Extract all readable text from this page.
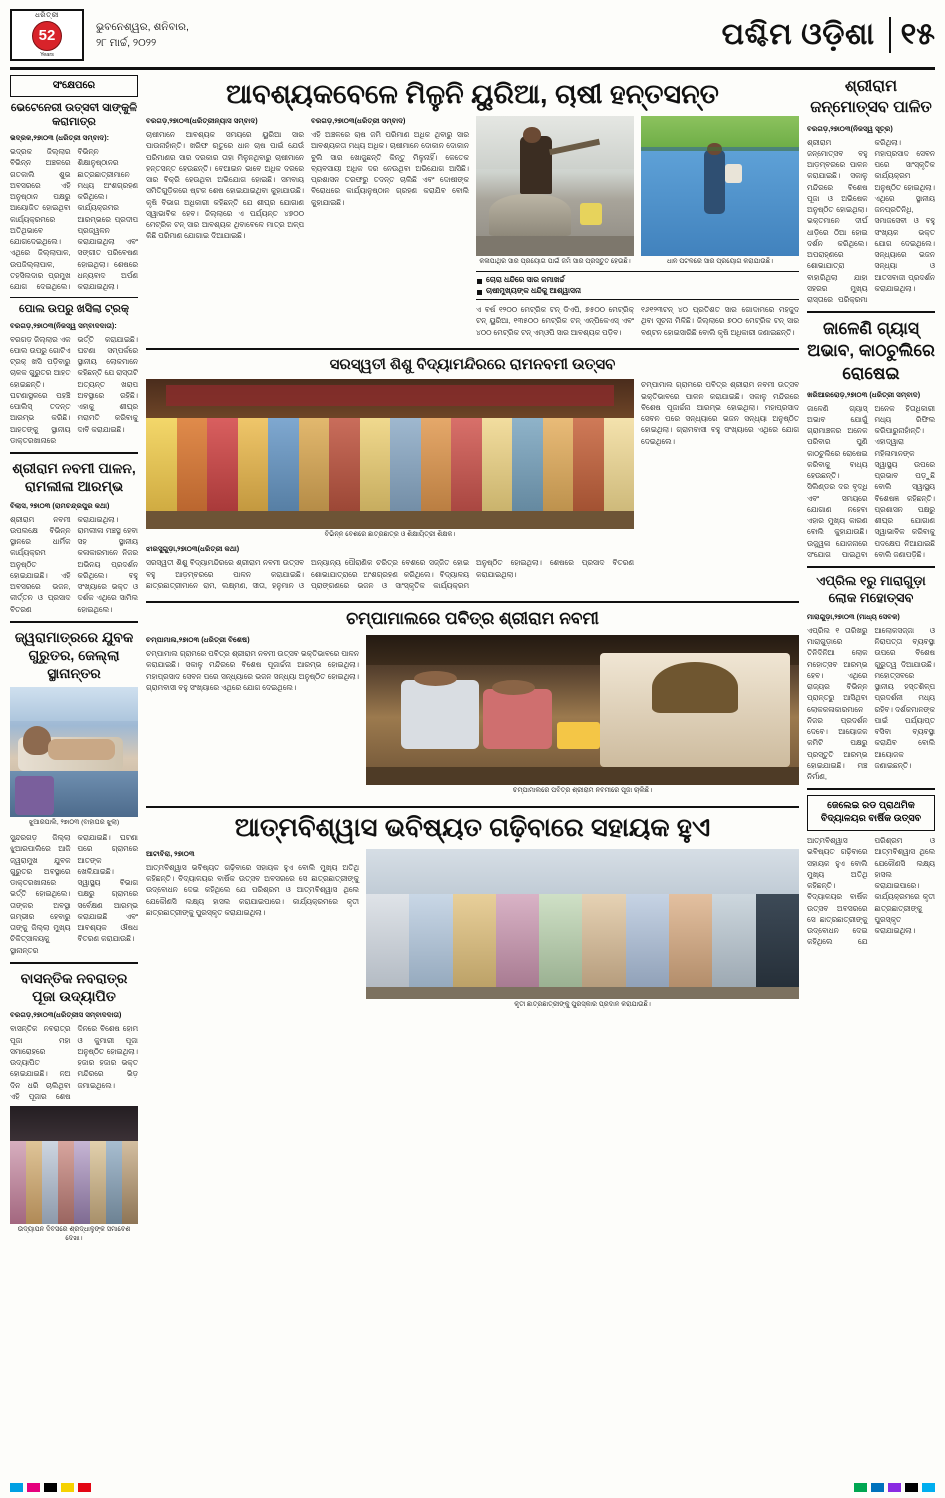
ଧରିତ୍ରୀ
52
Years
ଭୁବନେଶ୍ୱର, ଶନିବାର,
୨୮ ମାର୍ଚ୍ଚ, ୨୦୨୨	ପଶ୍ଚିମ ଓଡ଼ିଶା ୧୫
ସଂକ୍ଷେପରେ
ଭେଟେନେରୀ ଉତ୍ସବୀ ସାଙ୍କୁଳି କରାମାତ୍ର
ଭଦ୍ରକ,୨୭ା୦୩ (ଧରିତ୍ରୀ ସମ୍ବାଦ):
ଭଦ୍ରକ ଜିଲ୍ଲାର ବିଭିନ୍ନ ଅଞ୍ଚଳରେ ଗତକାଲି ଶୁଭ ଅବସରରେ ଏହି ଅନୁଷ୍ଠାନ ପକ୍ଷରୁ ଆୟୋଜିତ ହୋଇଥିବା କାର୍ଯ୍ୟକ୍ରମରେ ଅତିଥିଭାବେ ଯୋଗଦେଇଥିଲେ। ଏଥିରେ ଜିଲ୍ଲାପାଳ, ଉପଜିଲ୍ଲାପାଳ, ତହସିଲଦାର ପ୍ରମୁଖ ଯୋଗ ଦେଇଥିଲେ। ବିଭିନ୍ନ ଶିକ୍ଷାନୁଷ୍ଠାନର ଛାତ୍ରଛାତ୍ରୀମାନେ ମଧ୍ୟ ଅଂଶଗ୍ରହଣ କରିଥିଲେ। କାର୍ଯ୍ୟକ୍ରମର ଆରମ୍ଭରେ ପ୍ରଦୀପ ପ୍ରଜ୍ୱଳନ କରାଯାଇଥିଲା ଏବଂ ସଙ୍ଗୀତ ପରିବେଷଣ ହୋଇଥିଲା। ଶେଷରେ ଧନ୍ୟବାଦ ଅର୍ପଣ କରାଯାଇଥିଲା।
ପୋଲ ଉପରୁ ଖସିଲା ଟ୍ରକ୍
ବରଗଡ଼,୨୭ା୦୩(ନିଜସ୍ୱ ସମ୍ବାଦଦାତା):
ବରଗଡ଼ ଜିଲ୍ଲାର ଏକ ପୋଲ ଉପରୁ ଗୋଟିଏ ଟ୍ରକ୍ ଖସି ପଡ଼ିବାରୁ ଚାଳକ ଗୁରୁତର ଆହତ ହୋଇଛନ୍ତି। ଘଟଣାସ୍ଥଳରେ ପହଞ୍ଚି ପୋଲିସ୍ ତଦନ୍ତ ଆରମ୍ଭ କରିଛି। ଆହତଙ୍କୁ ସ୍ଥାନୀୟ ଡାକ୍ତରଖାନାରେ ଭର୍ତ୍ତି କରାଯାଇଛି। ଘଟଣା ସମ୍ପର୍କରେ ସ୍ଥାନୀୟ ଲୋକମାନେ କହିଛନ୍ତି ଯେ ରାସ୍ତାଟି ଅତ୍ୟନ୍ତ ଖରାପ ଅବସ୍ଥାରେ ରହିଛି। ଏହାକୁ ଶୀଘ୍ର ମରାମତି କରିବାକୁ ଦାବି କରାଯାଇଛି।
ଶ୍ରୀରାମ ନବମୀ ପାଳନ, ରାମଲୀଳା ଆରମ୍ଭ
ବିଲାସ, ୨୭ା୦୩ (ରାମଚନ୍ଦ୍ରପୁର କଥା)
ଶ୍ରୀରାମ ନବମୀ ଉପଲକ୍ଷେ ବିଭିନ୍ନ ସ୍ଥାନରେ ଧାର୍ମିକ କାର୍ଯ୍ୟକ୍ରମ ଅନୁଷ୍ଠିତ ହୋଇଯାଇଛି। ଏହି ଅବସରରେ ଭଜନ, କୀର୍ତ୍ତନ ଓ ପ୍ରସାଦ ବିତରଣ କରାଯାଇଥିଲା। ରାମଲୀଳା ମଞ୍ଚସ୍ଥ ହେବା ସହ ସ୍ଥାନୀୟ କଳାକାରମାନେ ନିଜର ଅଭିନୟ ପ୍ରଦର୍ଶନ କରିଥିଲେ। ବହୁ ସଂଖ୍ୟାରେ ଭକ୍ତ ଓ ଦର୍ଶକ ଏଥିରେ ସାମିଲ ହୋଇଥିଲେ।
ଜ୍ୱରାମାତ୍ରରେ ଯୁବକ ଗୁରୁତର, ଜେଲ୍ଲା ସ୍ଥାନାନ୍ତର
ଝୁଆରପାଲି, ୨୭ା୦୩ (ବାହାଘର ଝୁଲା)
ସୁନ୍ଦରଗଡ଼ ଜିଲ୍ଲା ଝୁଆରପାଲିରେ ଆଜି ଜ୍ୱରାମୁଖ ଯୁବକ ଗୁରୁତର ଅବସ୍ଥାରେ ଡାକ୍ତରଖାନାରେ ଭର୍ତ୍ତି ହୋଇଥିଲେ। ତାଙ୍କର ଅବସ୍ଥା ଗମ୍ଭୀର ହେବାରୁ ତାଙ୍କୁ ଜିଲ୍ଲା ମୁଖ୍ୟ ଚିକିତ୍ସାଳୟକୁ ସ୍ଥାନାନ୍ତର କରାଯାଇଛି। ଘଟଣା ପରେ ଗ୍ରାମରେ ଆତଙ୍କ ଖେଳିଯାଇଛି। ସ୍ୱାସ୍ଥ୍ୟ ବିଭାଗ ପକ୍ଷରୁ ଗ୍ରାମରେ ସର୍ବେକ୍ଷଣ ଆରମ୍ଭ କରାଯାଇଛି ଏବଂ ଆବଶ୍ୟକ ଔଷଧ ବିତରଣ କରାଯାଉଛି।
ବାସନ୍ତିକ ନବରାତ୍ର ପୂଜା ଉଦ୍ୟାପିତ
ବରଗଡ଼,୨୭ା୦୩(ଧରିତ୍ରୀସ ସମ୍ବାଦଦାତା)
ବାସନ୍ତିକ ନବରାତ୍ର ପୂଜା ମହା ସମାରୋହରେ ଉଦ୍ୟାପିତ ହୋଇଯାଇଛି। ନଅ ଦିନ ଧରି ଚାଲିଥିବା ଏହି ପୂଜାର ଶେଷ ଦିନରେ ବିଶେଷ ହୋମ ଓ କୁମାରୀ ପୂଜା ଅନୁଷ୍ଠିତ ହୋଇଥିଲା। ହଜାର ହଜାର ଭକ୍ତ ମନ୍ଦିରରେ ଭିଡ଼ ଜମାଇଥିଲେ।
ଉଦ୍ୟାପନ ଦିବସରେ ଶ୍ରଦ୍ଧାଳୁଙ୍କ ସମାବେଶ ଦେଖା।
ଆବଶ୍ୟକବେଳେ ମିଳୁନି ୟୁରିଆ, ଚାଷୀ ହନ୍ତସନ୍ତ
ବରଗଡ଼,୨୭ା୦୩(ଧରିତ୍ରୀନ୍ୟାସ ସମ୍ବାଦ)
ଚାଷୀମାନେ ଆବଶ୍ୟକ ସମୟରେ ୟୁରିଆ ସାର ପାଉନାହାଁନ୍ତି। ଖରିଫ ଋତୁରେ ଧାନ ଚାଷ ପାଇଁ ଯେଉଁ ପରିମାଣର ସାର ଦରକାର ତାହା ମିଳୁନଥିବାରୁ ଚାଷୀମାନେ ହନ୍ତସନ୍ତ ହେଉଛନ୍ତି। ବେଆଇନ ଭାବେ ଅଧିକ ଦରରେ ସାର ବିକ୍ରି ହେଉଥିବା ଅଭିଯୋଗ ହୋଇଛି। ସମବାୟ ସମିତିଗୁଡ଼ିକରେ ଷ୍ଟକ ଶେଷ ହୋଇଯାଇଥିବା କୁହାଯାଉଛି। କୃଷି ବିଭାଗ ଅଧିକାରୀ କହିଛନ୍ତି ଯେ ଶୀଘ୍ର ଯୋଗାଣ ସ୍ୱାଭାବିକ ହେବ। ଜିଲ୍ଲାରେ ଏ ପର୍ଯ୍ୟନ୍ତ ୪୭୦୦ ମେଟ୍ରିକ ଟନ୍ ସାର ଆବଶ୍ୟକ ଥିବାବେଳେ ମାତ୍ର ଅଳ୍ପ କିଛି ପରିମାଣ ଯୋଗାଇ ଦିଆଯାଇଛି।
ବରଗଡ଼,୨୭ା୦୩(ଧରିତ୍ରୀ ସମ୍ବାଦ)
ଏହି ଅଞ୍ଚଳରେ ଚାଷ ଜମି ପରିମାଣ ଅଧିକ ଥିବାରୁ ସାର ଆବଶ୍ୟକତା ମଧ୍ୟ ଅଧିକ। ଚାଷୀମାନେ ଦୋକାନ ଦୋକାନ ବୁଲି ସାର ଖୋଜୁଛନ୍ତି କିନ୍ତୁ ମିଳୁନାହିଁ। କେତେକ ବ୍ୟବସାୟୀ ଅଧିକ ଦର ନେଉଥିବା ଅଭିଯୋଗ ଆସିଛି। ପ୍ରଶାସନ ତରଫରୁ ତଦନ୍ତ ଚାଲିଛି ଏବଂ ଦୋଷୀଙ୍କ ବିରୋଧରେ କାର୍ଯ୍ୟାନୁଷ୍ଠାନ ଗ୍ରହଣ କରାଯିବ ବୋଲି କୁହାଯାଇଛି।
କଳାପାଥିର ସାର ପ୍ରୟୋଗ ପାଇଁ ଜମି ସାର ପ୍ରସ୍ତୁତ ହେଉଛି।	ଧାନ ପଟଳରେ ସାର ପ୍ରୟୋଗ କରାଯାଉଛି।
ଚୋରା ଧନ୍ଦିରେ ସାର ଜମାଖର୍ଚ୍ଚ
ଚାଷୀମୁଖ୍ୟଙ୍କ ଧନ୍ଦିକୁ ଆଶ୍ୱାସନା
ଏ ବର୍ଷ ୧୨୦୦ ମେଟ୍ରିକ ଟନ୍ ଡିଏପି, ୭୫୦୦ ମେଟ୍ରିକ୍ ଟନ୍ ୟୁରିଆ, ୧୩୫୦୦ ମେଟ୍ରିକ ଟନ୍ ଏନ୍‌ପିକେଏସ୍ ଏବଂ ୪୦୦ ମେଟ୍ରିକ ଟନ୍ ଏମ୍‌ଓପି ସାର ଆବଶ୍ୟକ ପଡ଼ିବ।
୧୬୧୨୩ଟନ୍ ୪୦ ପ୍ରତିଶତ ସାର ଗୋଦାମରେ ମହଜୁଦ ଥିବା ସୂଚନା ମିଳିଛି। ଜିଲ୍ଲାରେ ୭୦୦ ମେଟ୍ରିକ ଟନ୍ ସାର ବଣ୍ଟନ ହୋଇସାରିଛି ବୋଲି କୃଷି ଅଧିକାରୀ ଜଣାଇଛନ୍ତି।
ସରସ୍ୱତୀ ଶିଶୁ ବିଦ୍ୟାମନ୍ଦିରରେ ରାମନବମୀ ଉତ୍ସବ
ବିଭିନ୍ନ ବେଶରେ ଛାତ୍ରଛାତ୍ର ଓ ଶିକ୍ଷାୟିତ୍ରୀ ଶିକ୍ଷକ।
ଝାରସୁଗୁଡ଼ା,୨୭ା୦୩(ଧରିତ୍ରୀ କଥା)
ସରସ୍ୱତୀ ଶିଶୁ ବିଦ୍ୟାମନ୍ଦିରରେ ଶ୍ରୀରାମ ନବମୀ ଉତ୍ସବ ବହୁ ଆଡ଼ମ୍ବରରେ ପାଳନ କରାଯାଇଛି। ଛାତ୍ରଛାତ୍ରୀମାନେ ରାମ, ଲକ୍ଷ୍ମଣ, ସୀତା, ହନୁମାନ ଓ ଅନ୍ୟାନ୍ୟ ପୌରାଣିକ ଚରିତ୍ର ବେଶରେ ସଜ୍ଜିତ ହୋଇ ଶୋଭାଯାତ୍ରାରେ ଅଂଶଗ୍ରହଣ କରିଥିଲେ। ବିଦ୍ୟାଳୟ ପ୍ରାଙ୍ଗଣରେ ଭଜନ ଓ ସାଂସ୍କୃତିକ କାର୍ଯ୍ୟକ୍ରମ ଅନୁଷ୍ଠିତ ହୋଇଥିଲା। ଶେଷରେ ପ୍ରସାଦ ବିତରଣ କରାଯାଇଥିଲା।
ଚମ୍ପାମାଲ ଗ୍ରାମରେ ପବିତ୍ର ଶ୍ରୀରାମ ନବମୀ ଉତ୍ସବ ଭକ୍ତିଭାବରେ ପାଳନ କରାଯାଇଛି। ସକାଳୁ ମନ୍ଦିରରେ ବିଶେଷ ପୂଜାର୍ଚ୍ଚନା ଆରମ୍ଭ ହୋଇଥିଲା। ମହାପ୍ରସାଦ ସେବନ ପରେ ସନ୍ଧ୍ୟାରେ ଭଜନ ସନ୍ଧ୍ୟା ଅନୁଷ୍ଠିତ ହୋଇଥିଲା। ଗ୍ରାମବାସୀ ବହୁ ସଂଖ୍ୟାରେ ଏଥିରେ ଯୋଗ ଦେଇଥିଲେ।
ଚମ୍ପାମାଲରେ ପବିତ୍ର ଶ୍ରୀରାମ ନବମୀ
ଚମ୍ପାମାଲ,୨୭ା୦୩ (ଧରିତ୍ରୀ ବିଶେଷ)
ଚମ୍ପାମାଲ ଗ୍ରାମରେ ପବିତ୍ର ଶ୍ରୀରାମ ନବମୀ ଉତ୍ସବ ଭକ୍ତିଭାବରେ ପାଳନ କରାଯାଇଛି। ସକାଳୁ ମନ୍ଦିରରେ ବିଶେଷ ପୂଜାର୍ଚ୍ଚନା ଆରମ୍ଭ ହୋଇଥିଲା। ମହାପ୍ରସାଦ ସେବନ ପରେ ସନ୍ଧ୍ୟାରେ ଭଜନ ସନ୍ଧ୍ୟା ଅନୁଷ୍ଠିତ ହୋଇଥିଲା। ଗ୍ରାମବାସୀ ବହୁ ସଂଖ୍ୟାରେ ଏଥିରେ ଯୋଗ ଦେଇଥିଲେ।
ଚମ୍ପାମାଲରେ ପବିତ୍ର ଶ୍ରୀରାମ ନବମୀରେ ପୂଜା ଚାଲିଛି।
ଆତ୍ମବିଶ୍ୱାସ ଭବିଷ୍ୟତ ଗଢ଼ିବାରେ ସହାୟକ ହୁଏ
ଆଟାବିରା, ୨୭ା୦୩
ଆତ୍ମବିଶ୍ୱାସ ଭବିଷ୍ୟତ ଗଢ଼ିବାରେ ସହାୟକ ହୁଏ ବୋଲି ମୁଖ୍ୟ ଅତିଥି କହିଛନ୍ତି। ବିଦ୍ୟାଳୟର ବାର୍ଷିକ ଉତ୍ସବ ଅବସରରେ ସେ ଛାତ୍ରଛାତ୍ରୀଙ୍କୁ ଉଦ୍ବୋଧନ ଦେଇ କହିଥିଲେ ଯେ ପରିଶ୍ରମ ଓ ଆତ୍ମବିଶ୍ୱାସ ଥିଲେ ଯେକୌଣସି ଲକ୍ଷ୍ୟ ହାସଲ କରାଯାଇପାରେ। କାର୍ଯ୍ୟକ୍ରମରେ କୃତୀ ଛାତ୍ରଛାତ୍ରୀଙ୍କୁ ପୁରସ୍କୃତ କରାଯାଇଥିଲା।
କୃତୀ ଛାତ୍ରଛାତ୍ରୀଙ୍କୁ ପୁରସ୍କାର ପ୍ରଦାନ କରାଯାଉଛି।
ଶ୍ରୀରାମ ଜନ୍ମୋତ୍ସବ ପାଳିତ
ବରଗଡ଼,୨୭ା୦୩(ନିଜସ୍ୱ ସୂତ୍ର)
ଶ୍ରୀରାମ ଜନ୍ମୋତ୍ସବ ବହୁ ଆଡ଼ମ୍ବରରେ ପାଳନ କରାଯାଇଛି। ସକାଳୁ ମନ୍ଦିରରେ ବିଶେଷ ପୂଜା ଓ ଅଭିଷେକ ଅନୁଷ୍ଠିତ ହୋଇଥିଲା। ଭକ୍ତମାନେ ଦୀର୍ଘ ଧାଡ଼ିରେ ଠିଆ ହୋଇ ଦର୍ଶନ କରିଥିଲେ। ଅପରାହ୍ଣରେ ଶୋଭାଯାତ୍ରା ବାହାରିଥିଲା ଯାହା ସହରର ମୁଖ୍ୟ ରାସ୍ତାରେ ପରିକ୍ରମା କରିଥିଲା। ମହାପ୍ରସାଦ ସେବନ ପରେ ସାଂସ୍କୃତିକ କାର୍ଯ୍ୟକ୍ରମ ଅନୁଷ୍ଠିତ ହୋଇଥିଲା। ଏଥିରେ ସ୍ଥାନୀୟ ଜନପ୍ରତିନିଧି, ସମାଜସେବୀ ଓ ବହୁ ସଂଖ୍ୟକ ଭକ୍ତ ଯୋଗ ଦେଇଥିଲେ। ସନ୍ଧ୍ୟାରେ ଭଜନ ସନ୍ଧ୍ୟା ଓ ଆତସବାଜୀ ପ୍ରଦର୍ଶନ କରାଯାଇଥିଲା।
ଜାଳେଣି ଗ୍ୟାସ୍ ଅଭାବ, କାଠଚୁଲିରେ ରୋଷେଇ
ଖରିଆରରୋଡ଼,୨୭ା୦୩ (ଧରିତ୍ରୀ ସମ୍ବାଦ)
ଜାଳେଣି ଗ୍ୟାସ୍ ଅଭାବ ଯୋଗୁଁ ଗ୍ରାମାଞ୍ଚଳର ଅନେକ ପରିବାର ପୁଣି କାଠଚୁଲିରେ ରୋଷେଇ କରିବାକୁ ବାଧ୍ୟ ହେଉଛନ୍ତି। ସିଲିଣ୍ଡର ଦର ବୃଦ୍ଧି ଏବଂ ସମୟରେ ଯୋଗାଣ ନହେବା ଏହାର ମୁଖ୍ୟ କାରଣ ବୋଲି କୁହାଯାଉଛି। ଉଜ୍ଜ୍ୱଳା ଯୋଜନାରେ ସଂଯୋଗ ପାଇଥିବା ଅନେକ ହିତାଧିକାରୀ ମଧ୍ୟ ରିଫିଲ କରିପାରୁନାହାଁନ୍ତି। ଏହାଦ୍ୱାରା ମହିଳାମାନଙ୍କ ସ୍ୱାସ୍ଥ୍ୟ ଉପରେ ପ୍ରଭାବ ପଡ଼ୁଛି ବୋଲି ସ୍ୱାସ୍ଥ୍ୟ ବିଶେଷଜ୍ଞ କହିଛନ୍ତି। ପ୍ରଶାସନ ପକ୍ଷରୁ ଶୀଘ୍ର ଯୋଗାଣ ସ୍ୱାଭାବିକ କରିବାକୁ ପଦକ୍ଷେପ ନିଆଯାଇଛି ବୋଲି ଜଣାପଡ଼ିଛି।
ଏପ୍ରିଲ ୧ରୁ ମାରାଗୁଡ଼ା ଲୋକ ମହୋତ୍ସବ
ମାରାଗୁଡ଼ା,୨୭ା୦୩ (ମାଧ୍ୟ ସେବକ)
ଏପ୍ରିଲ ୧ ତାରିଖରୁ ମାରାଗୁଡ଼ାରେ ତିନିଦିନିଆ ଲୋକ ମହୋତ୍ସବ ଆରମ୍ଭ ହେବ। ଏଥିରେ ରାଜ୍ୟର ବିଭିନ୍ନ ପ୍ରାନ୍ତରୁ ଆସିଥିବା ଲୋକକଳାକାରମାନେ ନିଜର ପ୍ରଦର୍ଶନ ଦେବେ। ଆୟୋଜକ କମିଟି ପକ୍ଷରୁ ପ୍ରସ୍ତୁତି ଆରମ୍ଭ ହୋଇଯାଇଛି। ମଞ୍ଚ ନିର୍ମାଣ, ଆଲୋକସଜ୍ଜା ଓ ନିରାପତ୍ତା ବ୍ୟବସ୍ଥା ଉପରେ ବିଶେଷ ଗୁରୁତ୍ୱ ଦିଆଯାଉଛି। ମହୋତ୍ସବରେ ସ୍ଥାନୀୟ ହସ୍ତଶିଳ୍ପ ପ୍ରଦର୍ଶନୀ ମଧ୍ୟ ରହିବ। ଦର୍ଶକମାନଙ୍କ ପାଇଁ ପର୍ଯ୍ୟାପ୍ତ ବସିବା ବ୍ୟବସ୍ଥା କରାଯିବ ବୋଲି ଆୟୋଜକ ଜଣାଇଛନ୍ତି।
ଜେଲେଇ ରଡ ପ୍ରାଥମିକ ବିଦ୍ୟାଳୟର ବାର୍ଷିକ ଉତ୍ସବ
ଆତ୍ମବିଶ୍ୱାସ ଭବିଷ୍ୟତ ଗଢ଼ିବାରେ ସହାୟକ ହୁଏ ବୋଲି ମୁଖ୍ୟ ଅତିଥି କହିଛନ୍ତି। ବିଦ୍ୟାଳୟର ବାର୍ଷିକ ଉତ୍ସବ ଅବସରରେ ସେ ଛାତ୍ରଛାତ୍ରୀଙ୍କୁ ଉଦ୍ବୋଧନ ଦେଇ କହିଥିଲେ ଯେ ପରିଶ୍ରମ ଓ ଆତ୍ମବିଶ୍ୱାସ ଥିଲେ ଯେକୌଣସି ଲକ୍ଷ୍ୟ ହାସଲ କରାଯାଇପାରେ। କାର୍ଯ୍ୟକ୍ରମରେ କୃତୀ ଛାତ୍ରଛାତ୍ରୀଙ୍କୁ ପୁରସ୍କୃତ କରାଯାଇଥିଲା।
